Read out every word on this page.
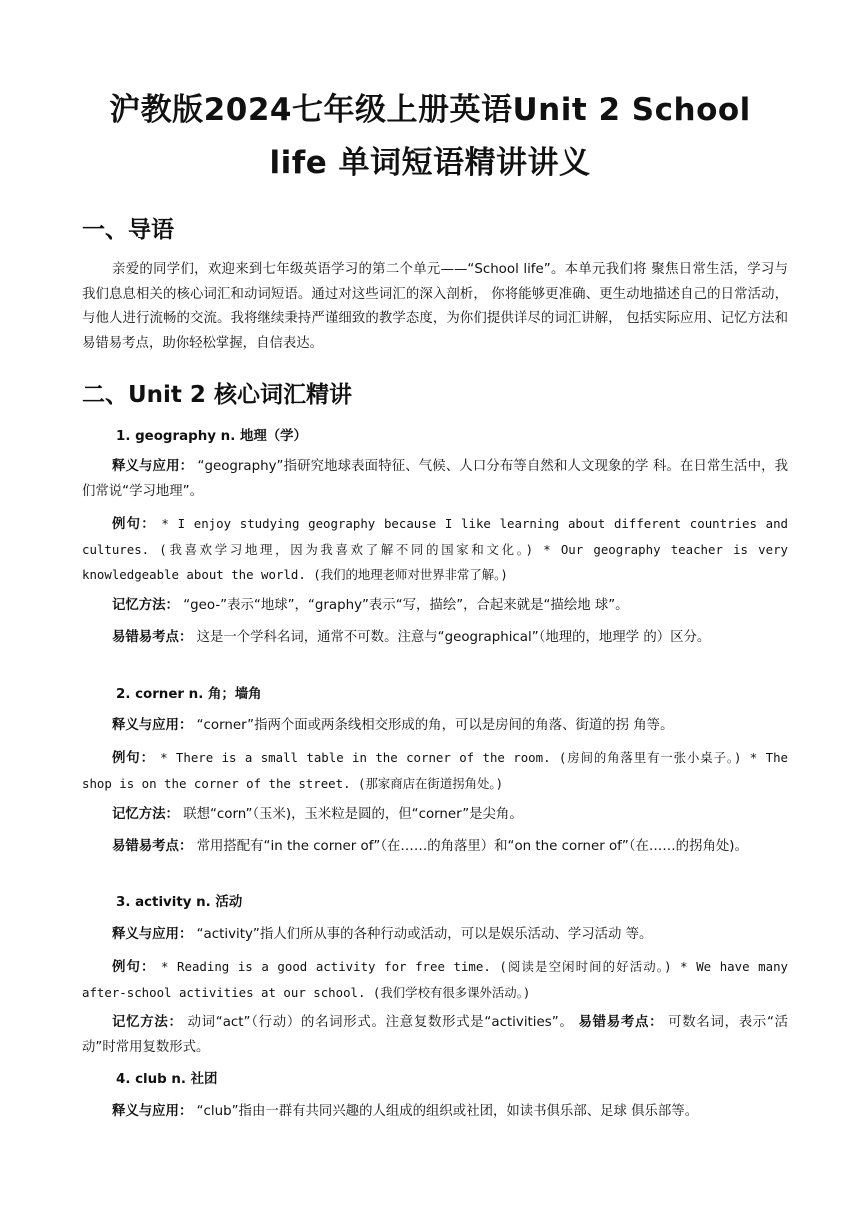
沪教版2024七年级上册英语Unit 2 School
life 单词短语精讲讲义
一、导语
亲爱的同学们，欢迎来到七年级英语学习的第二个单元——“School life”。本单元我们将 聚焦日常生活，学习与我们息息相关的核心词汇和动词短语。通过对这些词汇的深入剖析， 你将能够更准确、更生动地描述自己的日常活动，与他人进行流畅的交流。我将继续秉持严谨细致的教学态度，为你们提供详尽的词汇讲解， 包括实际应用、记忆方法和易错易考点，助你轻松掌握，自信表达。
二、Unit 2 核心词汇精讲
1. geography n. 地理（学）
释义与应用： “geography”指研究地球表面特征、气候、人口分布等自然和人文现象的学 科。在日常生活中，我们常说“学习地理”。
例句： * I enjoy studying geography because I like learning about different countries and cultures. (我喜欢学习地理，因为我喜欢了解不同的国家和文化。) * Our geography teacher is very knowledgeable about the world. (我们的地理老师对世界非常了解。)
记忆方法： “geo-”表示“地球”，“graphy”表示“写，描绘”，合起来就是“描绘地 球”。
易错易考点： 这是一个学科名词，通常不可数。注意与“geographical”（地理的，地理学 的）区分。
2. corner n. 角；墙角
释义与应用： “corner”指两个面或两条线相交形成的角，可以是房间的角落、街道的拐 角等。
例句： * There is a small table in the corner of the room. (房间的角落里有一张小桌子。) * The shop is on the corner of the street. (那家商店在街道拐角处。)
记忆方法： 联想“corn”（玉米)，玉米粒是圆的，但“corner”是尖角。
易错易考点： 常用搭配有“in the corner of”（在……的角落里）和“on the corner of”（在……的拐角处)。
3. activity n. 活动
释义与应用： “activity”指人们所从事的各种行动或活动，可以是娱乐活动、学习活动 等。
例句： * Reading is a good activity for free time. (阅读是空闲时间的好活动。) * We have many after-school activities at our school. (我们学校有很多课外活动。)
记忆方法： 动词“act”（行动）的名词形式。注意复数形式是“activities”。 易错易考点： 可数名词，表示“活动”时常用复数形式。
4. club n. 社团
释义与应用： “club”指由一群有共同兴趣的人组成的组织或社团，如读书俱乐部、足球 俱乐部等。
